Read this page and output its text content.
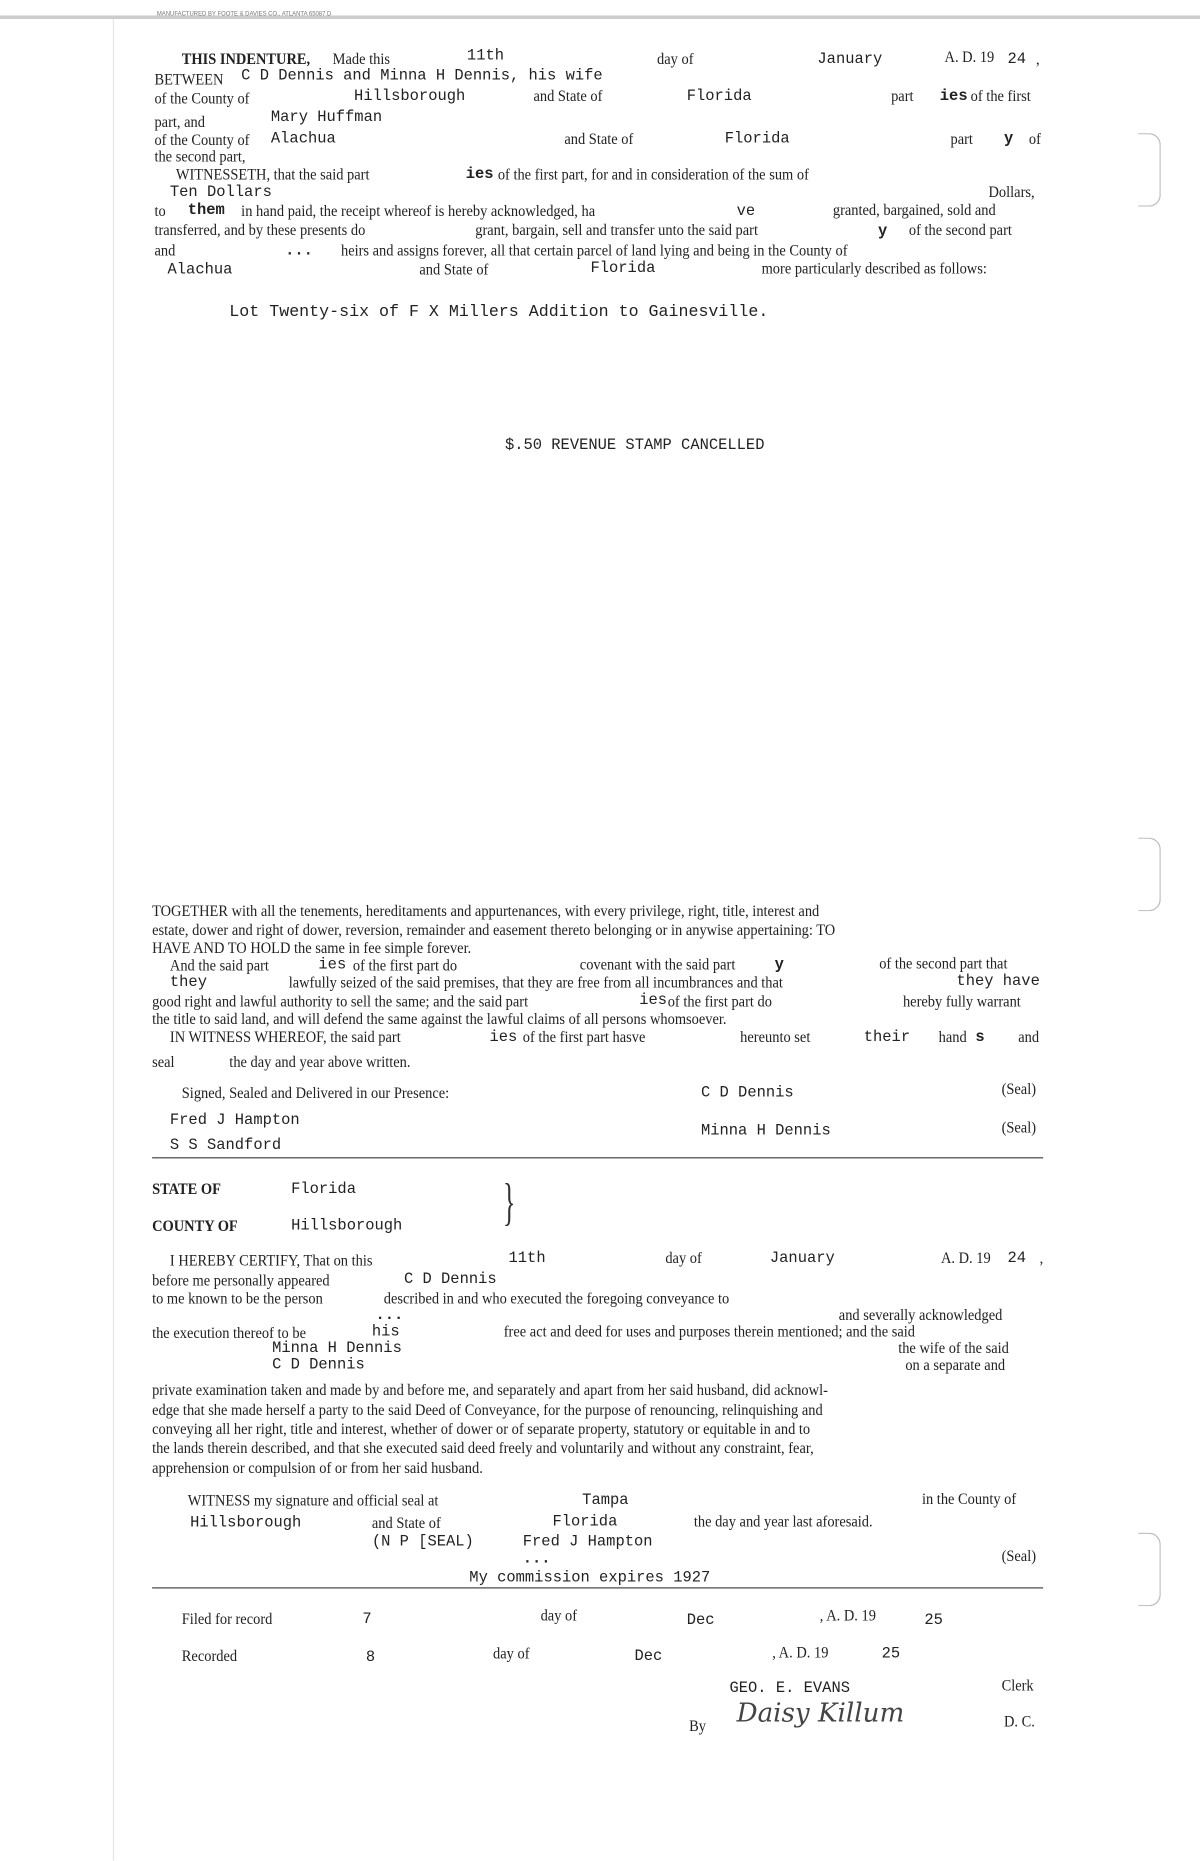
MANUFACTURED BY FOOTE & DAVIES CO., ATLANTA 65087 D
THIS INDENTURE, Made this	11th	day of	January	A. D. 19 24 ,
BETWEEN C D Dennis and Minna H Dennis, his wife
of the County of	Hillsborough	and State of	Florida	part ies of the first
part, and	Mary Huffman
of the County of Alachua	and State of	Florida	part y of
the second part,
WITNESSETH, that the said part	ies of the first part, for and in consideration of the sum of
Ten Dollars	Dollars,
to them in hand paid, the receipt whereof is hereby acknowledged, ha	ve	granted, bargained, sold and
transferred, and by these presents do	grant, bargain, sell and transfer unto the said part	y of the second part
and	... heirs and assigns forever, all that certain parcel of land lying and being in the County of
Alachua	and State of	Florida	more particularly described as follows:
Lot Twenty-six of F X Millers Addition to Gainesville.
$.50 REVENUE STAMP CANCELLED
TOGETHER with all the tenements, hereditaments and appurtenances, with every privilege, right, title, interest and
estate, dower and right of dower, reversion, remainder and easement thereto belonging or in anywise appertaining: TO
HAVE AND TO HOLD the same in fee simple forever.
And the said part	ies of the first part do	covenant with the said part	y	of the second part that
they	lawfully seized of the said premises, that they are free from all incumbrances and that	they have
good right and lawful authority to sell the same; and the said part	ies of the first part do	hereby fully warrant
the title to said land, and will defend the same against the lawful claims of all persons whomsoever.
IN WITNESS WHEREOF, the said part	ies of the first part hasve	hereunto set	their hand s and
seal	the day and year above written.
Signed, Sealed and Delivered in our Presence:	C D Dennis	(Seal)
Fred J Hampton
Minna H Dennis	(Seal)
S S Sandford
STATE OF	Florida
COUNTY OF	Hillsborough }
I HEREBY CERTIFY, That on this	11th	day of	January	A. D. 19 24 ,
before me personally appeared	C D Dennis
to me known to be the person	described in and who executed the foregoing conveyance to
and severally acknowledged
...
the execution thereof to be	his	free act and deed for uses and purposes therein mentioned; and the said
Minna H Dennis	the wife of the said
C D Dennis	on a separate and
private examination taken and made by and before me, and separately and apart from her said husband, did acknowl-
edge that she made herself a party to the said Deed of Conveyance, for the purpose of renouncing, relinquishing and
conveying all her right, title and interest, whether of dower or of separate property, statutory or equitable in and to
the lands therein described, and that she executed said deed freely and voluntarily and without any constraint, fear,
apprehension or compulsion of or from her said husband.
WITNESS my signature and official seal at	Tampa	in the County of
Hillsborough	and State of	Florida	the day and year last aforesaid.
(N P [SEAL)	Fred J Hampton
...	(Seal)
My commission expires 1927
Filed for record	7	day of	Dec	, A. D. 19	25
Recorded	8	day of	Dec	, A. D. 19	25
GEO. E. EVANS	Clerk
By Daisy Killum	D. C.
